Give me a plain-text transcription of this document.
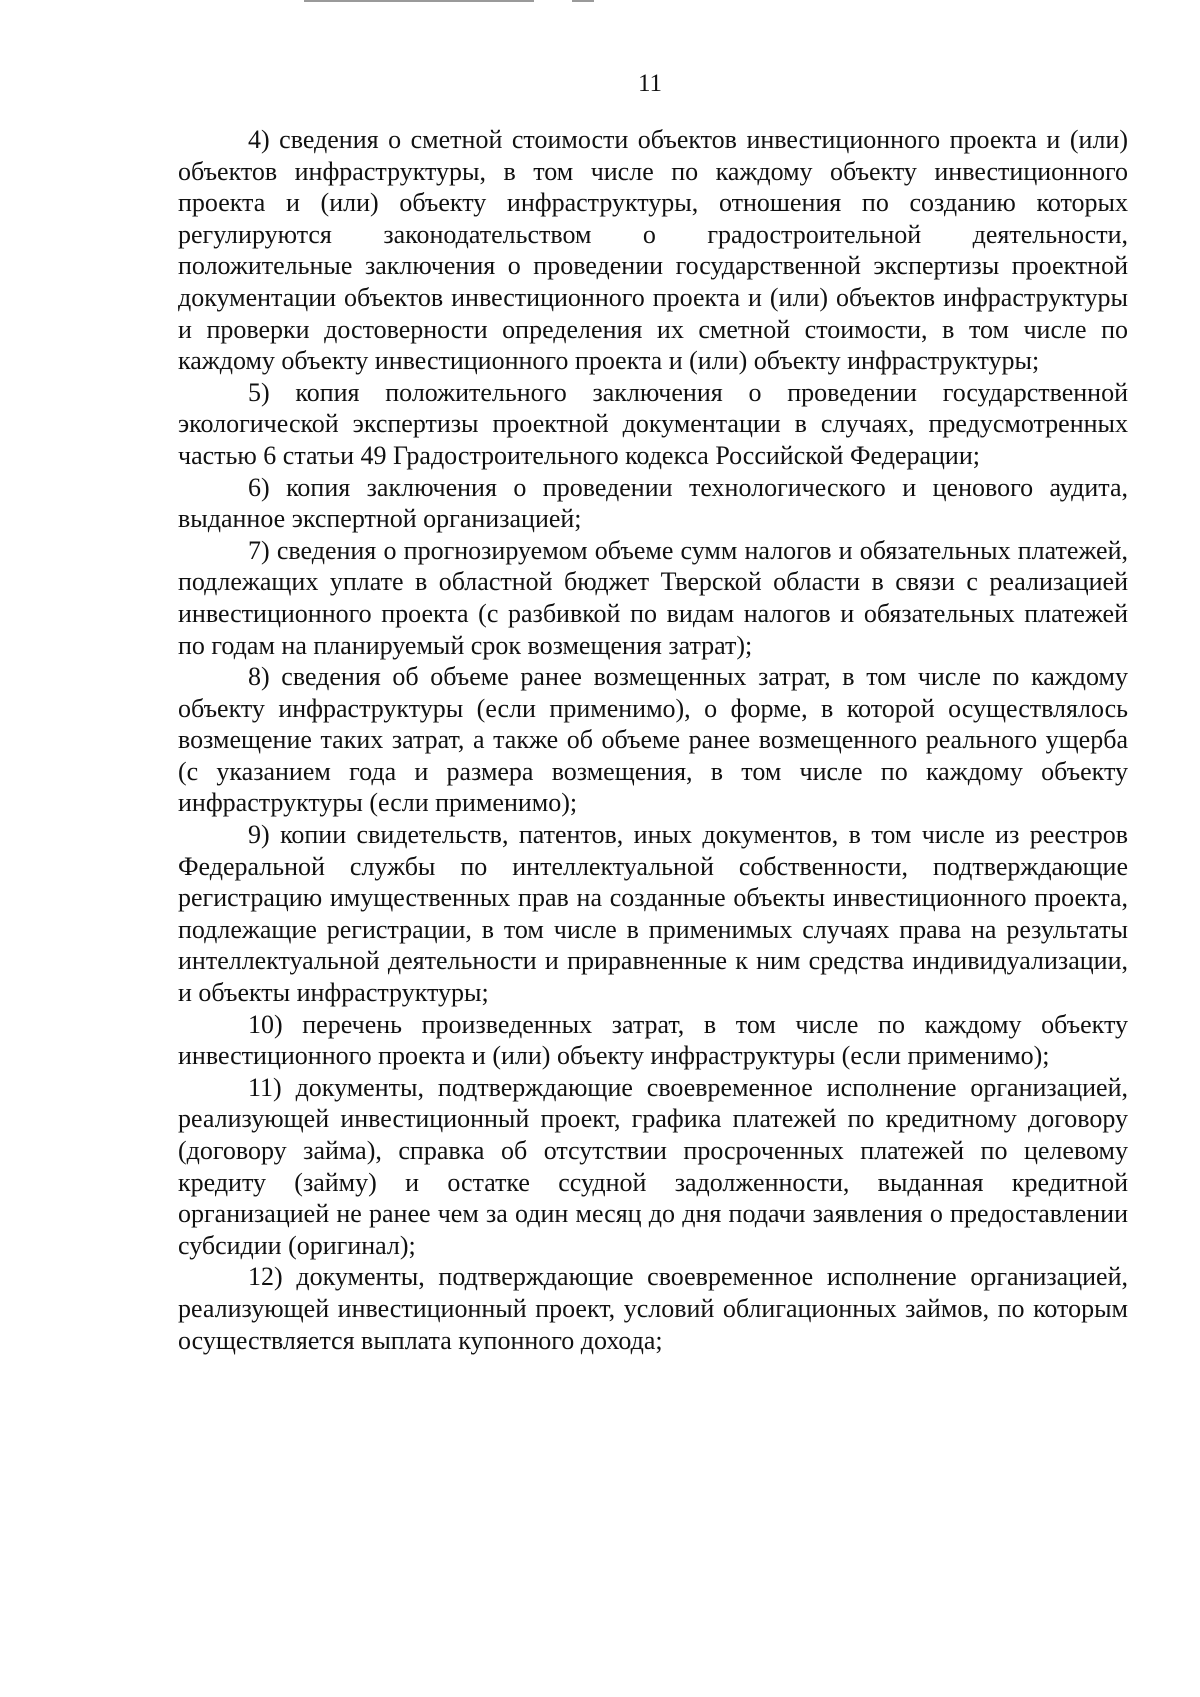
11

4) сведения о сметной стоимости объектов инвестиционного проекта и (или) объектов инфраструктуры, в том числе по каждому объекту инвестиционного проекта и (или) объекту инфраструктуры, отношения по созданию которых регулируются законодательством о градостроительной деятельности, положительные заключения о проведении государственной экспертизы проектной документации объектов инвестиционного проекта и (или) объектов инфраструктуры и проверки достоверности определения их сметной стоимости, в том числе по каждому объекту инвестиционного проекта и (или) объекту инфраструктуры;

5) копия положительного заключения о проведении государственной экологической экспертизы проектной документации в случаях, предусмотренных частью 6 статьи 49 Градостроительного кодекса Российской Федерации;

6) копия заключения о проведении технологического и ценового аудита, выданное экспертной организацией;

7) сведения о прогнозируемом объеме сумм налогов и обязательных платежей, подлежащих уплате в областной бюджет Тверской области в связи с реализацией инвестиционного проекта (с разбивкой по видам налогов и обязательных платежей по годам на планируемый срок возмещения затрат);

8) сведения об объеме ранее возмещенных затрат, в том числе по каждому объекту инфраструктуры (если применимо), о форме, в которой осуществлялось возмещение таких затрат, а также об объеме ранее возмещенного реального ущерба (с указанием года и размера возмещения, в том числе по каждому объекту инфраструктуры (если применимо);

9) копии свидетельств, патентов, иных документов, в том числе из реестров Федеральной службы по интеллектуальной собственности, подтверждающие регистрацию имущественных прав на созданные объекты инвестиционного проекта, подлежащие регистрации, в том числе в применимых случаях права на результаты интеллектуальной деятельности и приравненные к ним средства индивидуализации, и объекты инфраструктуры;

10) перечень произведенных затрат, в том числе по каждому объекту инвестиционного проекта и (или) объекту инфраструктуры (если применимо);

11) документы, подтверждающие своевременное исполнение организацией, реализующей инвестиционный проект, графика платежей по кредитному договору (договору займа), справка об отсутствии просроченных платежей по целевому кредиту (займу) и остатке ссудной задолженности, выданная кредитной организацией не ранее чем за один месяц до дня подачи заявления о предоставлении субсидии (оригинал);

12) документы, подтверждающие своевременное исполнение организацией, реализующей инвестиционный проект, условий облигационных займов, по которым осуществляется выплата купонного дохода;
